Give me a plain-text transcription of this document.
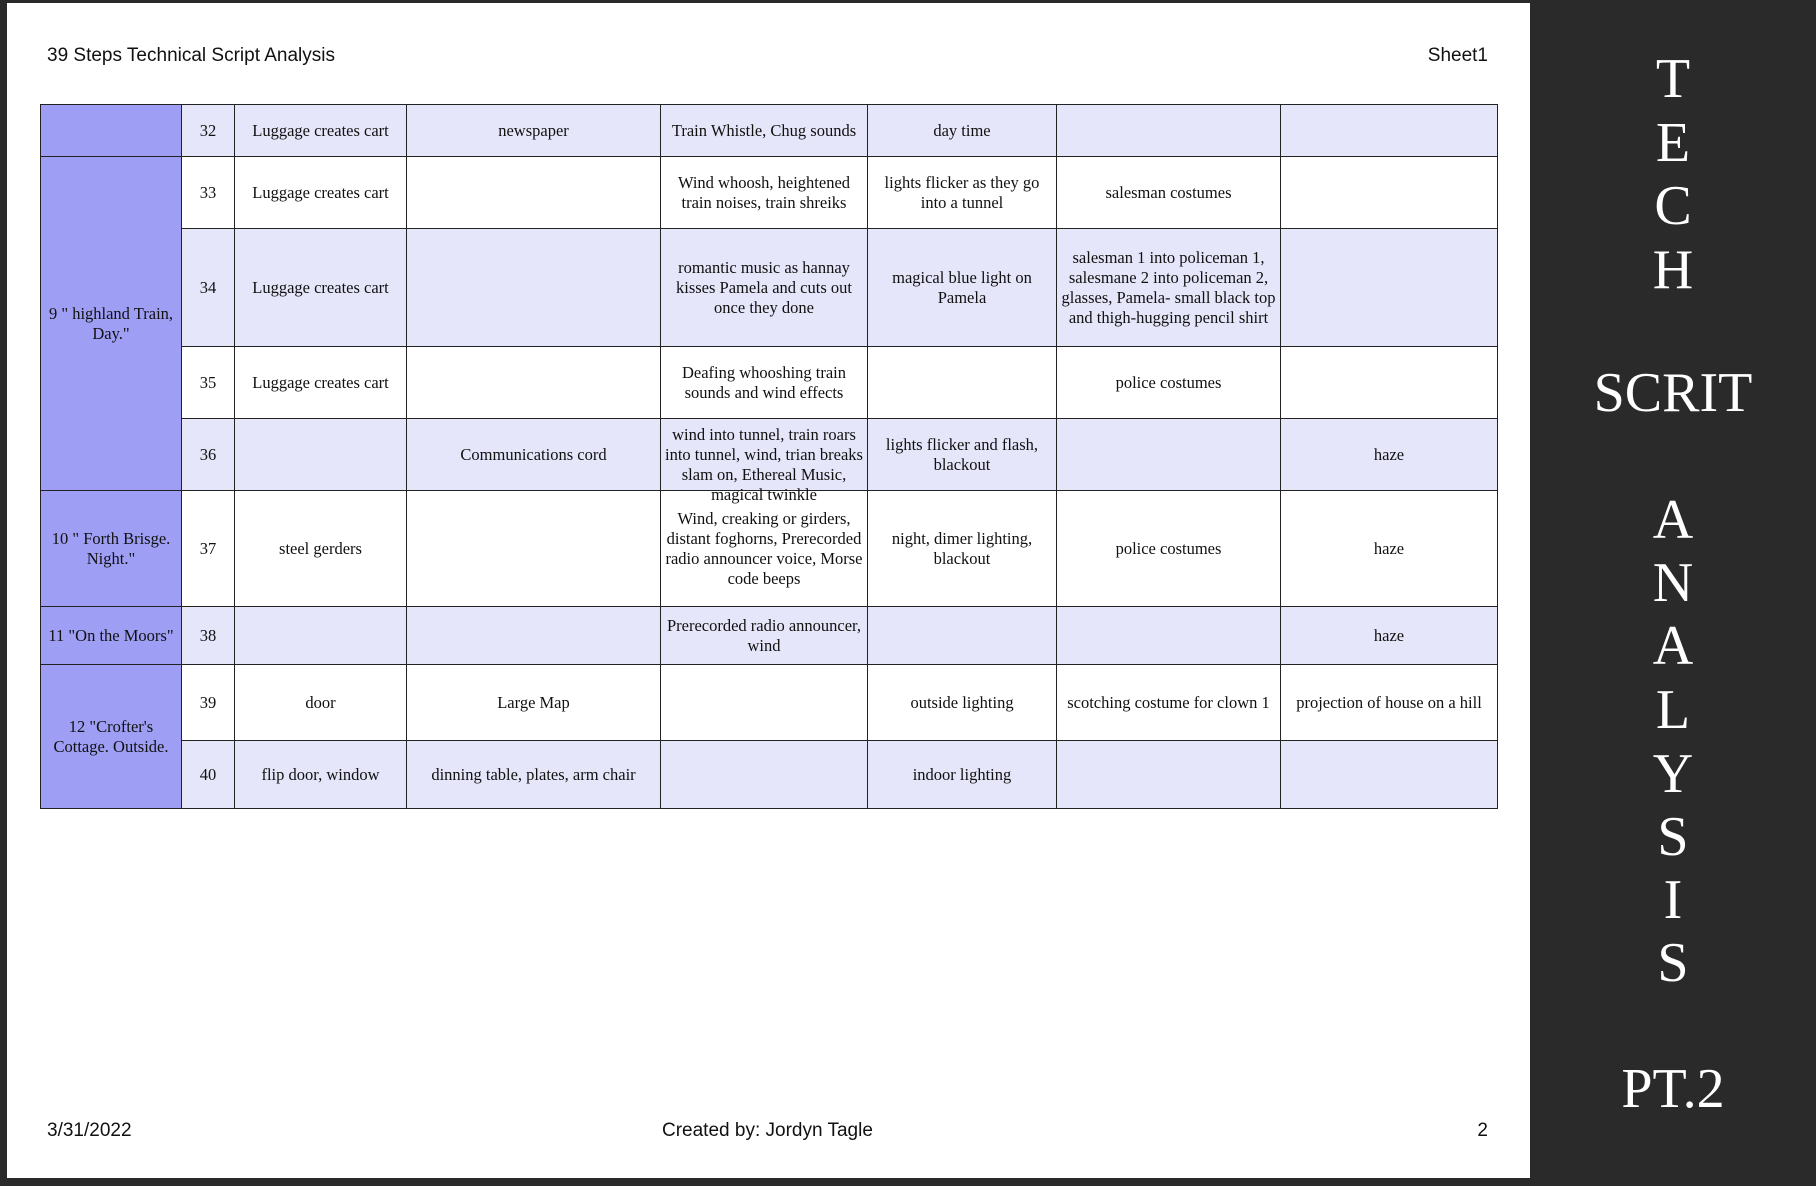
39 Steps Technical Script Analysis	Sheet1
	32	Luggage creates cart	newspaper	Train Whistle, Chug sounds	day time		
9 " highland Train, Day."	33	Luggage creates cart		Wind whoosh, heightened train noises, train shreiks	lights flicker as they go into a tunnel	salesman costumes	
	34	Luggage creates cart		romantic music as hannay kisses Pamela and cuts out once they done	magical blue light on Pamela	salesman 1 into policeman 1, salesmane 2 into policeman 2, glasses, Pamela- small black top and thigh-hugging pencil shirt	
	35	Luggage creates cart		Deafing whooshing train sounds and wind effects		police costumes	
	36		Communications cord	wind into tunnel, train roars into tunnel, wind, trian breaks slam on, Ethereal Music, magical twinkle	lights flicker and flash, blackout		haze
10 " Forth Brisge. Night."	37	steel gerders		Wind, creaking or girders, distant foghorns, Prerecorded radio announcer voice, Morse code beeps	night, dimer lighting, blackout	police costumes	haze
11 "On the Moors"	38			Prerecorded radio announcer, wind			haze
12 "Crofter's Cottage. Outside.	39	door	Large Map		outside lighting	scotching costume for clown 1	projection of house on a hill
	40	flip door, window	dinning table, plates, arm chair		indoor lighting		
3/31/2022	Created by: Jordyn Tagle	2
T
E
C
H
SCRIT
A
N
A
L
Y
S
I
S
PT.2
